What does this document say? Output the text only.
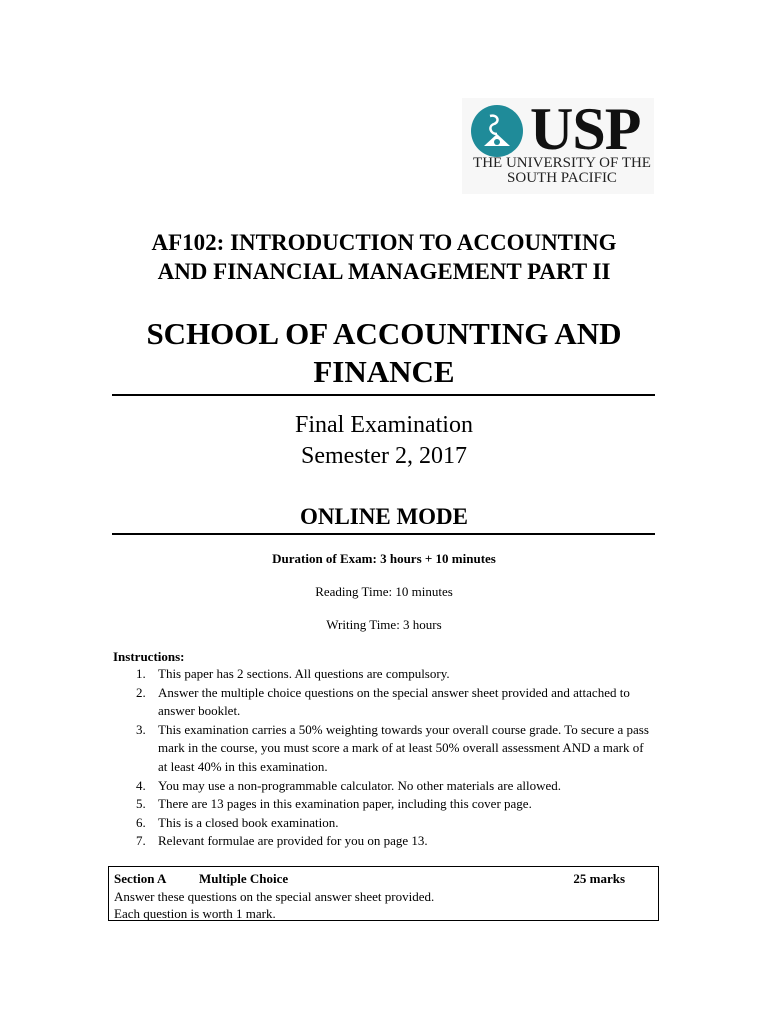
USP
THE UNIVERSITY OF THE
SOUTH PACIFIC
AF102: INTRODUCTION TO ACCOUNTING
AND FINANCIAL MANAGEMENT PART II
SCHOOL OF ACCOUNTING AND
FINANCE
Final Examination
Semester 2, 2017
ONLINE MODE
Duration of Exam: 3 hours + 10 minutes
Reading Time: 10 minutes
Writing Time: 3 hours
Instructions:
1. This paper has 2 sections. All questions are compulsory.
2. Answer the multiple choice questions on the special answer sheet provided and attached to answer booklet.
3. This examination carries a 50% weighting towards your overall course grade. To secure a pass mark in the course, you must score a mark of at least 50% overall assessment AND a mark of at least 40% in this examination.
4. You may use a non-programmable calculator. No other materials are allowed.
5. There are 13 pages in this examination paper, including this cover page.
6. This is a closed book examination.
7. Relevant formulae are provided for you on page 13.
Section A	Multiple Choice	25 marks
Answer these questions on the special answer sheet provided.
Each question is worth 1 mark.
